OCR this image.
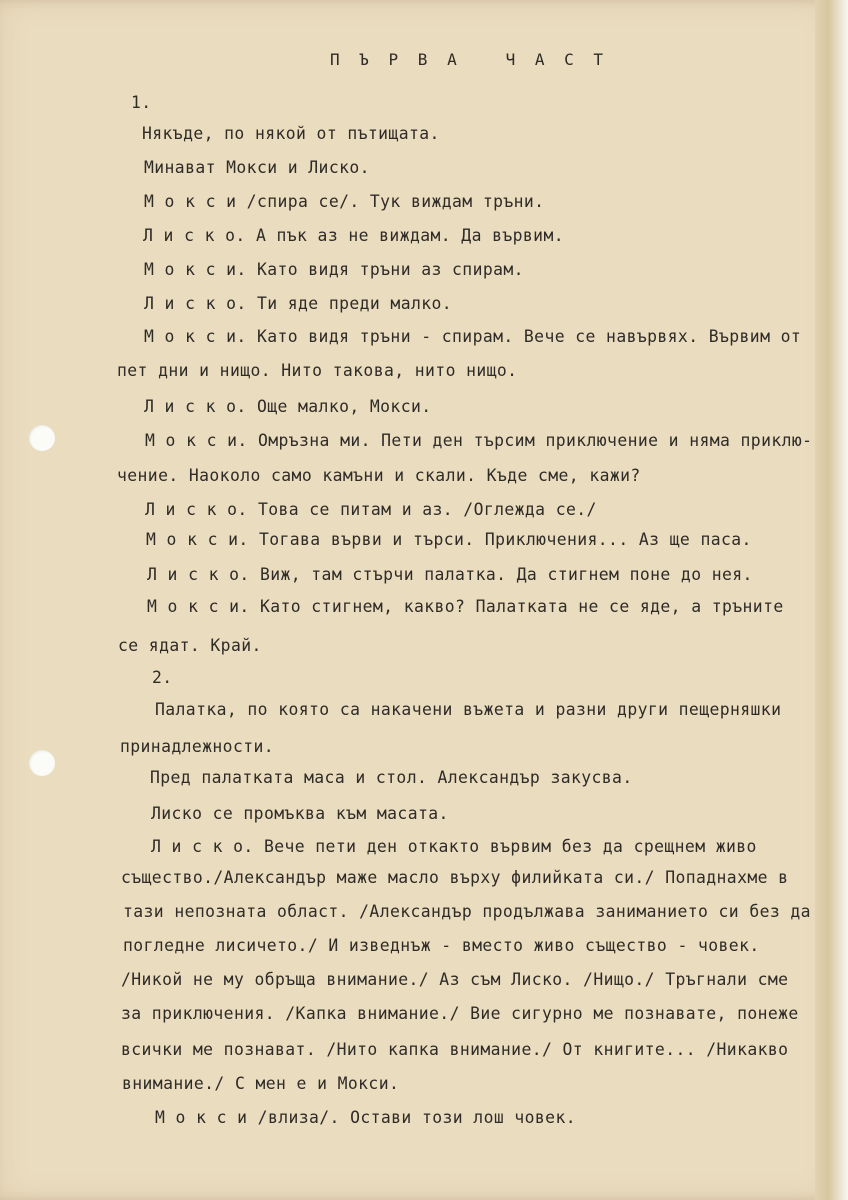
П Ъ Р В А   Ч А С Т
1.
Някъде, по някой от пътищата.
Минават Мокси и Лиско.
М о к с и /спира се/. Тук виждам тръни.
Л и с к о. А пък аз не виждам. Да вървим.
М о к с и. Като видя тръни аз спирам.
Л и с к о. Ти яде преди малко.
М о к с и. Като видя тръни - спирам. Вече се навървях. Вървим от
пет дни и нищо. Нито такова, нито нищо.
Л и с к о. Още малко, Мокси.
М о к с и. Омръзна ми. Пети ден търсим приключение и няма приклю-
чение. Наоколо само камъни и скали. Къде сме, кажи?
Л и с к о. Това се питам и аз. /Оглежда се./
М о к с и. Тогава върви и търси. Приключения... Аз ще паса.
Л и с к о. Виж, там стърчи палатка. Да стигнем поне до нея.
М о к с и. Като стигнем, какво? Палатката не се яде, а тръните
се ядат. Край.
2.
Палатка, по която са накачени въжета и разни други пещерняшки
принадлежности.
Пред палатката маса и стол. Александър закусва.
Лиско се промъква към масата.
Л и с к о. Вече пети ден откакто вървим без да срещнем живо
същество./Александър маже масло върху филийката си./ Попаднахме в
тази непозната област. /Александър продължава заниманието си без да
погледне лисичето./ И изведнъж - вместо живо същество - човек.
/Никой не му обръща внимание./ Аз съм Лиско. /Нищо./ Тръгнали сме
за приключения. /Капка внимание./ Вие сигурно ме познавате, понеже
всички ме познават. /Нито капка внимание./ От книгите... /Никакво
внимание./ С мен е и Мокси.
М о к с и /влиза/. Остави този лош човек.
